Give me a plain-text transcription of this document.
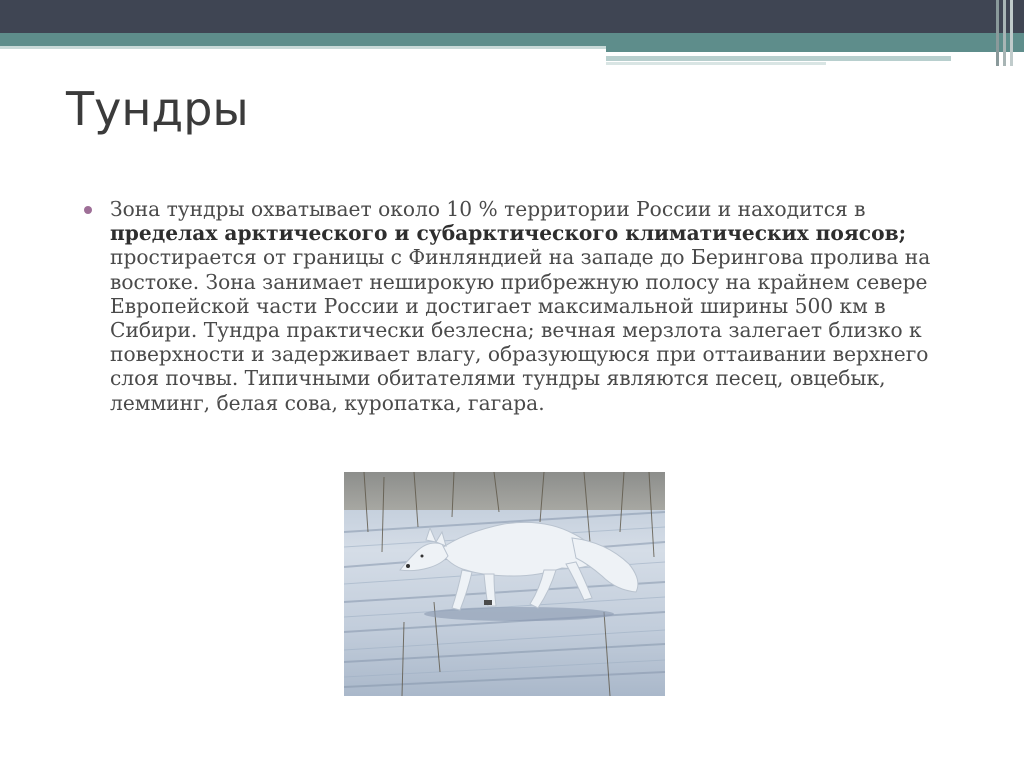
Тундры
Зона тундры охватывает около 10 % территории России и находится в пределах арктического и субарктического климатических поясов; простирается от границы с Финляндией на западе до Берингова пролива на востоке. Зона занимает неширокую прибрежную полосу на крайнем севере Европейской части России и достигает максимальной ширины 500 км в Сибири. Тундра практически безлесна; вечная мерзлота залегает близко к поверхности и задерживает влагу, образующуюся при оттаивании верхнего слоя почвы. Типичными обитателями тундры являются песец, овцебык, лемминг, белая сова, куропатка, гагара.
